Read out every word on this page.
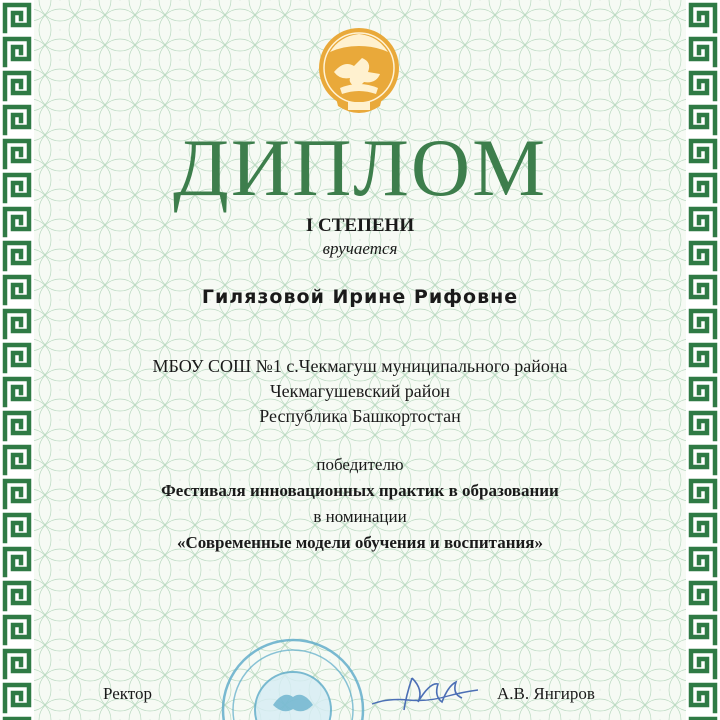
ДИПЛОМ
I СТЕПЕНИ
вручается
Гилязовой Ирине Рифовне
МБОУ СОШ №1 с.Чекмагуш муниципального района
Чекмагушевский район
Республика Башкортостан
победителю
Фестиваля инновационных практик в образовании
в номинации
«Современные модели обучения и воспитания»
Ректор	А.В. Янгиров
